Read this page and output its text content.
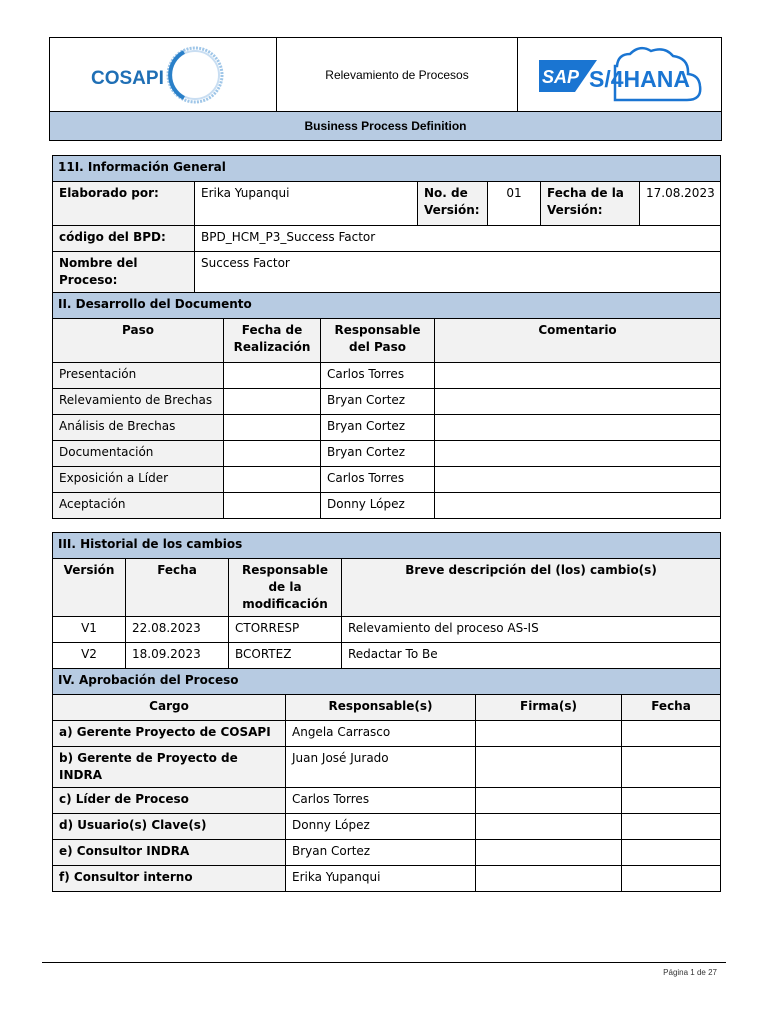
COSAPI	Relevamiento de Procesos	SAP S/4HANA

Business Process Definition
11I. Información General					
Elaborado por:	Erika Yupanqui	No. de Versión:	01	Fecha de la Versión:	17.08.2023
código del BPD:	BPD_HCM_P3_Success Factor				
Nombre del Proceso:	Success Factor				
II. Desarrollo del Documento			
Paso	Fecha de Realización	Responsable del Paso	Comentario
Presentación		Carlos Torres	
Relevamiento de Brechas		Bryan Cortez	
Análisis de Brechas		Bryan Cortez	
Documentación		Bryan Cortez	
Exposición a Líder		Carlos Torres	
Aceptación		Donny López	
III. Historial de los cambios			
Versión	Fecha	Responsable de la modificación	Breve descripción del (los) cambio(s)
V1	22.08.2023	CTORRESP	Relevamiento del proceso AS-IS
V2	18.09.2023	BCORTEZ	Redactar To Be
IV. Aprobación del Proceso			
Cargo	Responsable(s)	Firma(s)	Fecha
a) Gerente Proyecto de COSAPI	Angela Carrasco		
b) Gerente de Proyecto de INDRA	Juan José Jurado		
c) Líder de Proceso	Carlos Torres		
d) Usuario(s) Clave(s)	Donny López		
e) Consultor INDRA	Bryan Cortez		
f) Consultor interno	Erika Yupanqui		
Página 1 de 27
